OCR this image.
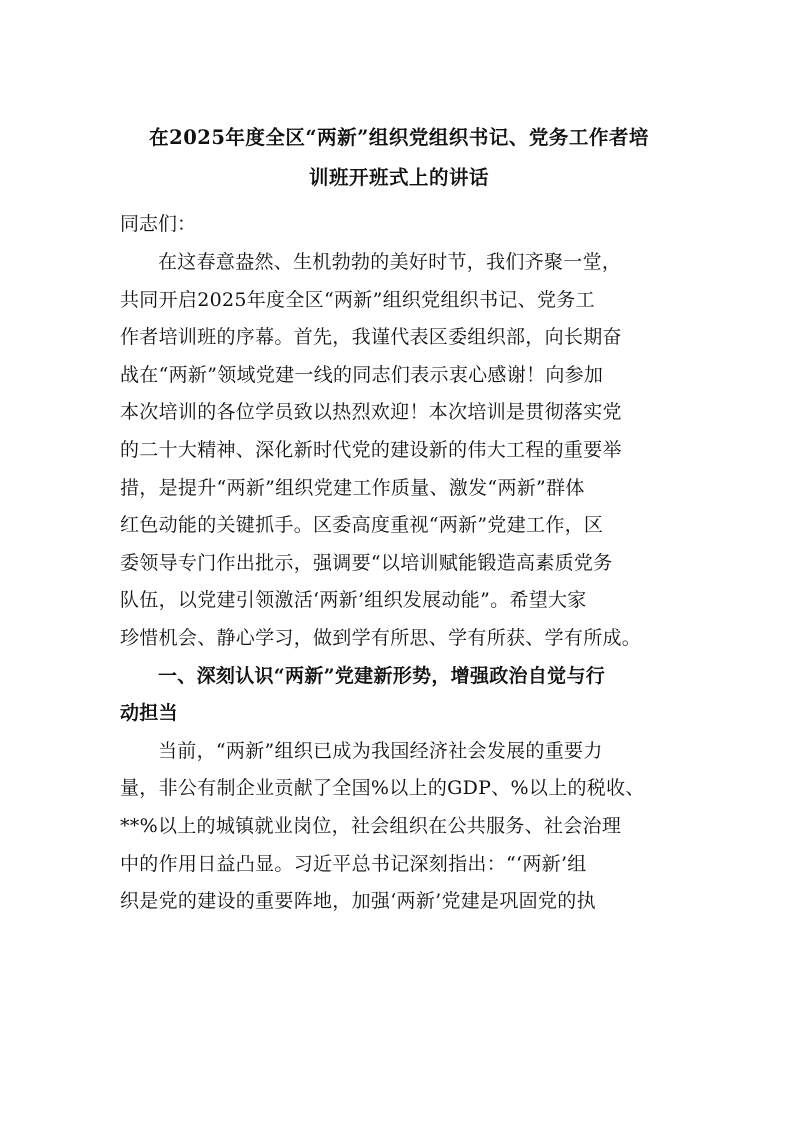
在2025年度全区“两新”组织党组织书记、党务工作者培
训班开班式上的讲话

同志们：

在这春意盎然、生机勃勃的美好时节，我们齐聚一堂，
共同开启2025年度全区“两新”组织党组织书记、党务工
作者培训班的序幕。首先，我谨代表区委组织部，向长期奋
战在“两新”领域党建一线的同志们表示衷心感谢！向参加
本次培训的各位学员致以热烈欢迎！本次培训是贯彻落实党
的二十大精神、深化新时代党的建设新的伟大工程的重要举
措，是提升“两新”组织党建工作质量、激发“两新”群体
红色动能的关键抓手。区委高度重视“两新”党建工作，区
委领导专门作出批示，强调要“以培训赋能锻造高素质党务
队伍，以党建引领激活‘两新’组织发展动能”。希望大家
珍惜机会、静心学习，做到学有所思、学有所获、学有所成。

一、深刻认识“两新”党建新形势，增强政治自觉与行
动担当

当前，“两新”组织已成为我国经济社会发展的重要力
量，非公有制企业贡献了全国%以上的GDP、%以上的税收、
**%以上的城镇就业岗位，社会组织在公共服务、社会治理
中的作用日益凸显。习近平总书记深刻指出：“‘两新’组
织是党的建设的重要阵地，加强‘两新’党建是巩固党的执
